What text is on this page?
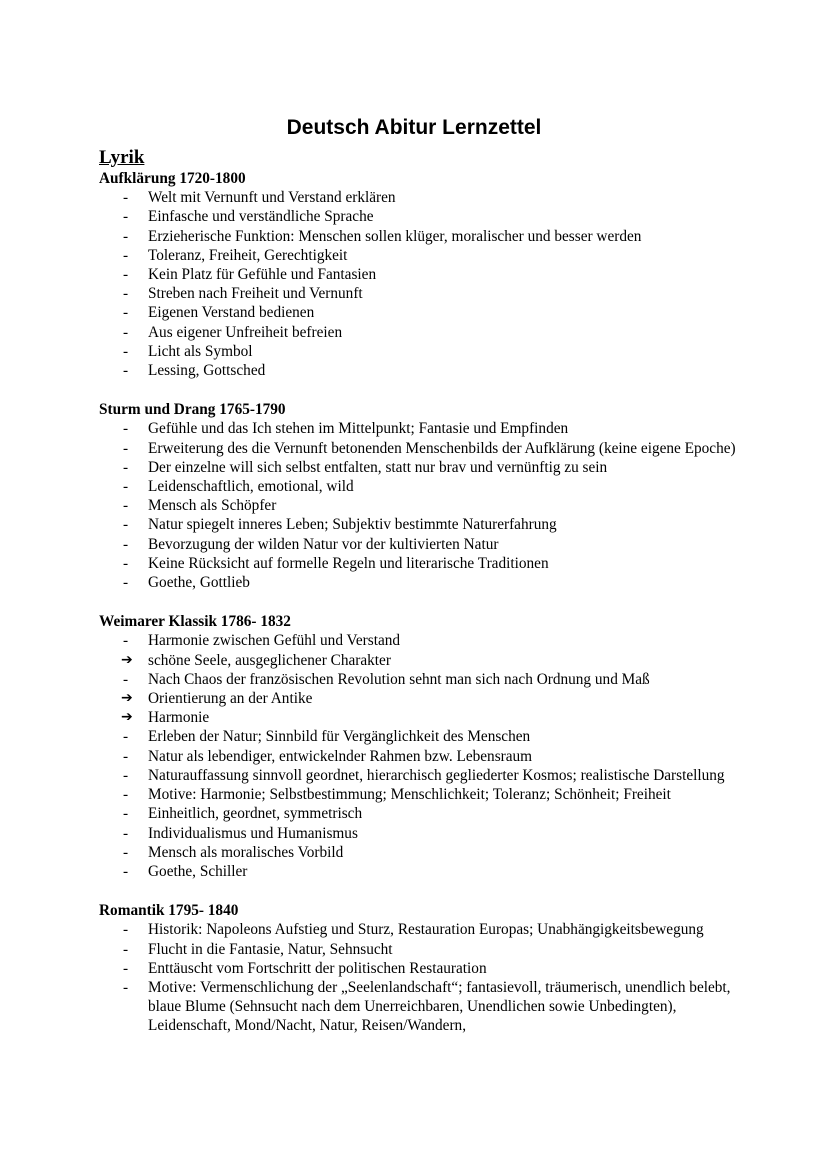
Deutsch Abitur Lernzettel
Lyrik
Aufklärung 1720-1800
-	Welt mit Vernunft und Verstand erklären
-	Einfasche und verständliche Sprache
-	Erzieherische Funktion: Menschen sollen klüger, moralischer und besser werden
-	Toleranz, Freiheit, Gerechtigkeit
-	Kein Platz für Gefühle und Fantasien
-	Streben nach Freiheit und Vernunft
-	Eigenen Verstand bedienen
-	Aus eigener Unfreiheit befreien
-	Licht als Symbol
-	Lessing, Gottsched
Sturm und Drang 1765-1790
-	Gefühle und das Ich stehen im Mittelpunkt; Fantasie und Empfinden
-	Erweiterung des die Vernunft betonenden Menschenbilds der Aufklärung (keine eigene Epoche)
-	Der einzelne will sich selbst entfalten, statt nur brav und vernünftig zu sein
-	Leidenschaftlich, emotional, wild
-	Mensch als Schöpfer
-	Natur spiegelt inneres Leben; Subjektiv bestimmte Naturerfahrung
-	Bevorzugung der wilden Natur vor der kultivierten Natur
-	Keine Rücksicht auf formelle Regeln und literarische Traditionen
-	Goethe, Gottlieb
Weimarer Klassik 1786- 1832
-	Harmonie zwischen Gefühl und Verstand
➔ schöne Seele, ausgeglichener Charakter
-	Nach Chaos der französischen Revolution sehnt man sich nach Ordnung und Maß
➔ Orientierung an der Antike
➔ Harmonie
-	Erleben der Natur; Sinnbild für Vergänglichkeit des Menschen
-	Natur als lebendiger, entwickelnder Rahmen bzw. Lebensraum
-	Naturauffassung sinnvoll geordnet, hierarchisch gegliederter Kosmos; realistische Darstellung
-	Motive: Harmonie; Selbstbestimmung; Menschlichkeit; Toleranz; Schönheit; Freiheit
-	Einheitlich, geordnet, symmetrisch
-	Individualismus und Humanismus
-	Mensch als moralisches Vorbild
-	Goethe, Schiller
Romantik 1795- 1840
-	Historik: Napoleons Aufstieg und Sturz, Restauration Europas; Unabhängigkeitsbewegung
-	Flucht in die Fantasie, Natur, Sehnsucht
-	Enttäuscht vom Fortschritt der politischen Restauration
-	Motive: Vermenschlichung der „Seelenlandschaft“; fantasievoll, träumerisch, unendlich belebt, blaue Blume (Sehnsucht nach dem Unerreichbaren, Unendlichen sowie Unbedingten), Leidenschaft, Mond/Nacht, Natur, Reisen/Wandern,
